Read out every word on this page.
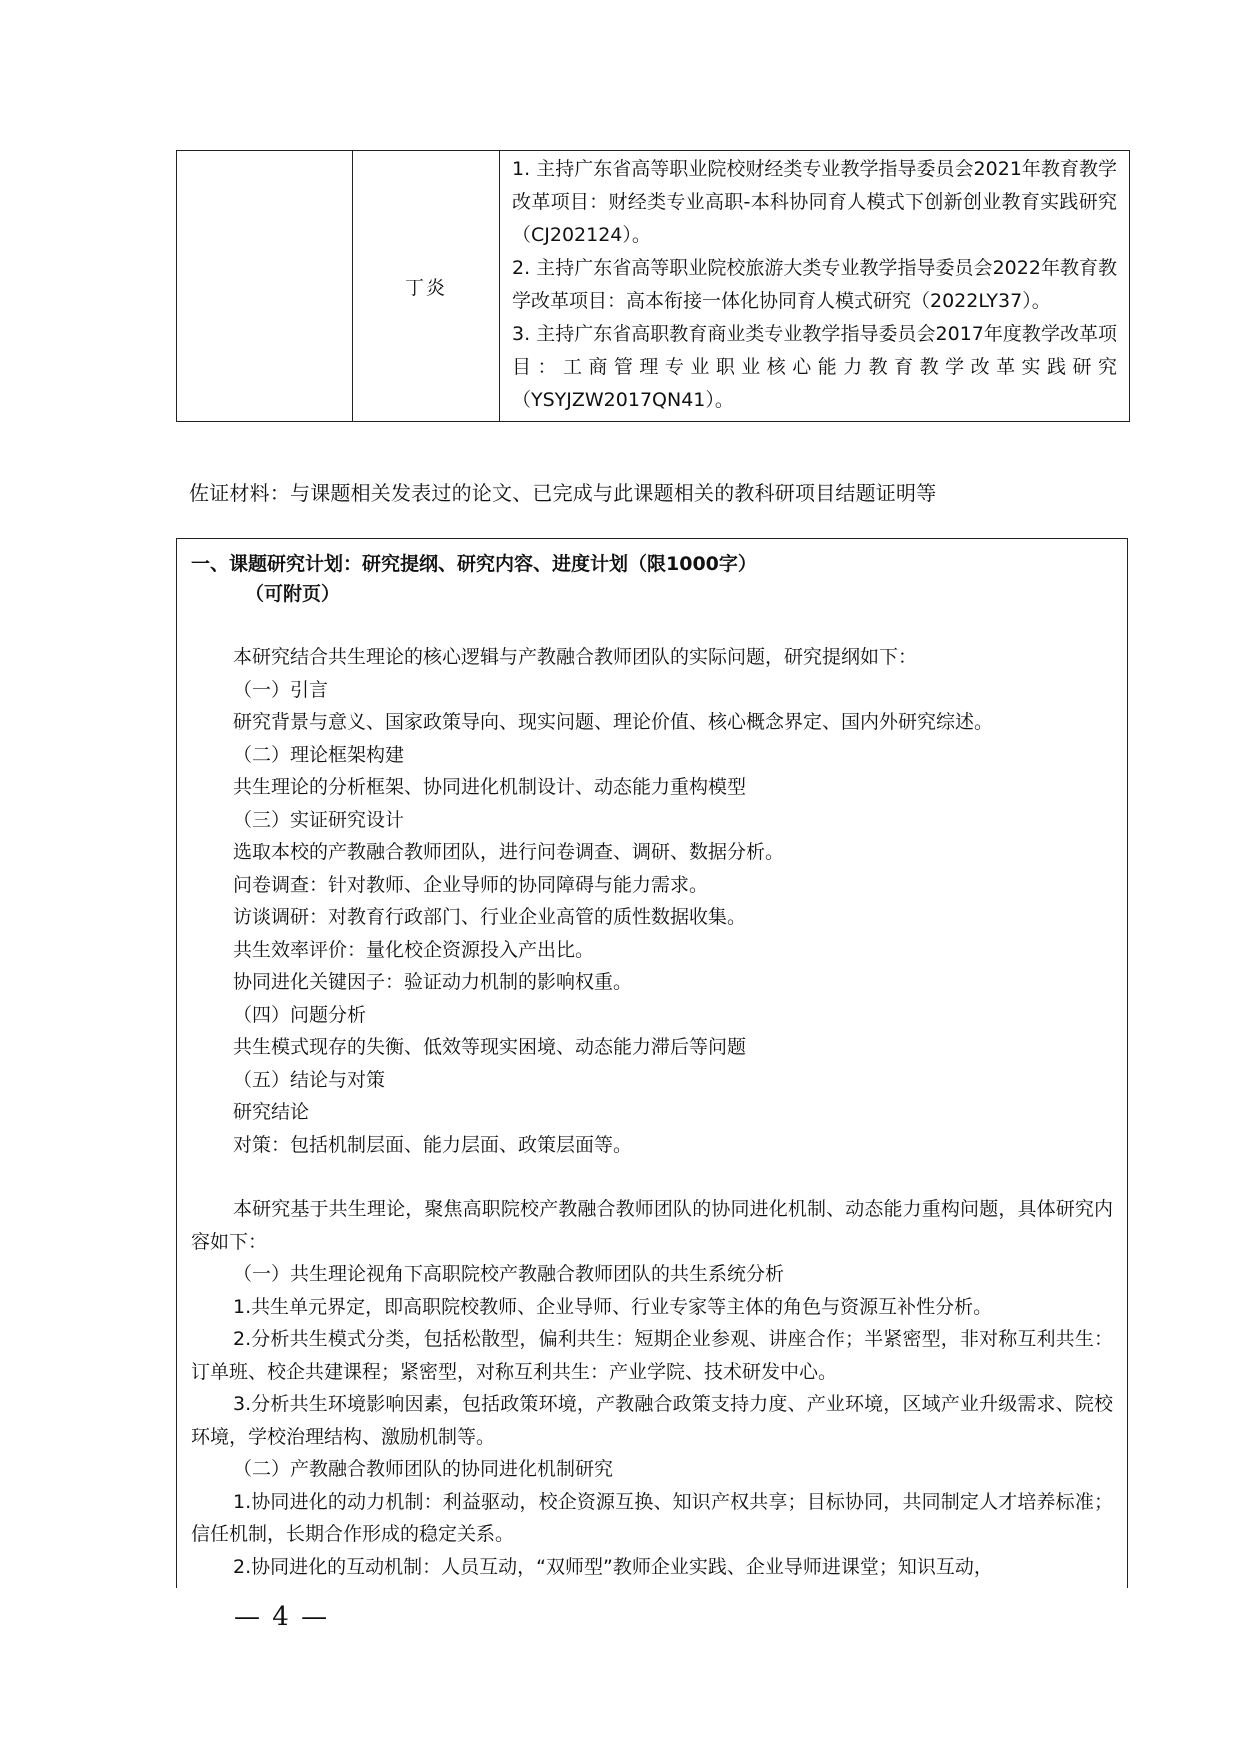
	丁炎	

1. 主持广东省高等职业院校财经类专业教学指导委员会2021年教育教学改革项目：财经类专业高职-本科协同育人模式下创新创业教育实践研究（CJ202124）。

2. 主持广东省高等职业院校旅游大类专业教学指导委员会2022年教育教学改革项目：高本衔接一体化协同育人模式研究（2022LY37）。

3. 主持广东省高职教育商业类专业教学指导委员会2017年度教学改革项目：工商管理专业职业核心能力教育教学改革实践研究（YSYJZW2017QN41）。

佐证材料：与课题相关发表过的论文、已完成与此课题相关的教科研项目结题证明等

一、课题研究计划：研究提纲、研究内容、进度计划（限1000字）

（可附页）

本研究结合共生理论的核心逻辑与产教融合教师团队的实际问题，研究提纲如下：

（一）引言

研究背景与意义、国家政策导向、现实问题、理论价值、核心概念界定、国内外研究综述。

（二）理论框架构建

共生理论的分析框架、协同进化机制设计、动态能力重构模型

（三）实证研究设计

选取本校的产教融合教师团队，进行问卷调查、调研、数据分析。

问卷调查：针对教师、企业导师的协同障碍与能力需求。

访谈调研：对教育行政部门、行业企业高管的质性数据收集。

共生效率评价：量化校企资源投入产出比。

协同进化关键因子：验证动力机制的影响权重。

（四）问题分析

共生模式现存的失衡、低效等现实困境、动态能力滞后等问题

（五）结论与对策

研究结论

对策：包括机制层面、能力层面、政策层面等。

本研究基于共生理论，聚焦高职院校产教融合教师团队的协同进化机制、动态能力重构问题，具体研究内容如下：

（一）共生理论视角下高职院校产教融合教师团队的共生系统分析

1.共生单元界定，即高职院校教师、企业导师、行业专家等主体的角色与资源互补性分析。

2.分析共生模式分类，包括松散型，偏利共生：短期企业参观、讲座合作；半紧密型，非对称互利共生：订单班、校企共建课程；紧密型，对称互利共生：产业学院、技术研发中心。

3.分析共生环境影响因素，包括政策环境，产教融合政策支持力度、产业环境，区域产业升级需求、院校环境，学校治理结构、激励机制等。

（二）产教融合教师团队的协同进化机制研究

1.协同进化的动力机制：利益驱动，校企资源互换、知识产权共享；目标协同，共同制定人才培养标准；信任机制，长期合作形成的稳定关系。

2.协同进化的互动机制：人员互动，“双师型”教师企业实践、企业导师进课堂；知识互动，

— 4 —
